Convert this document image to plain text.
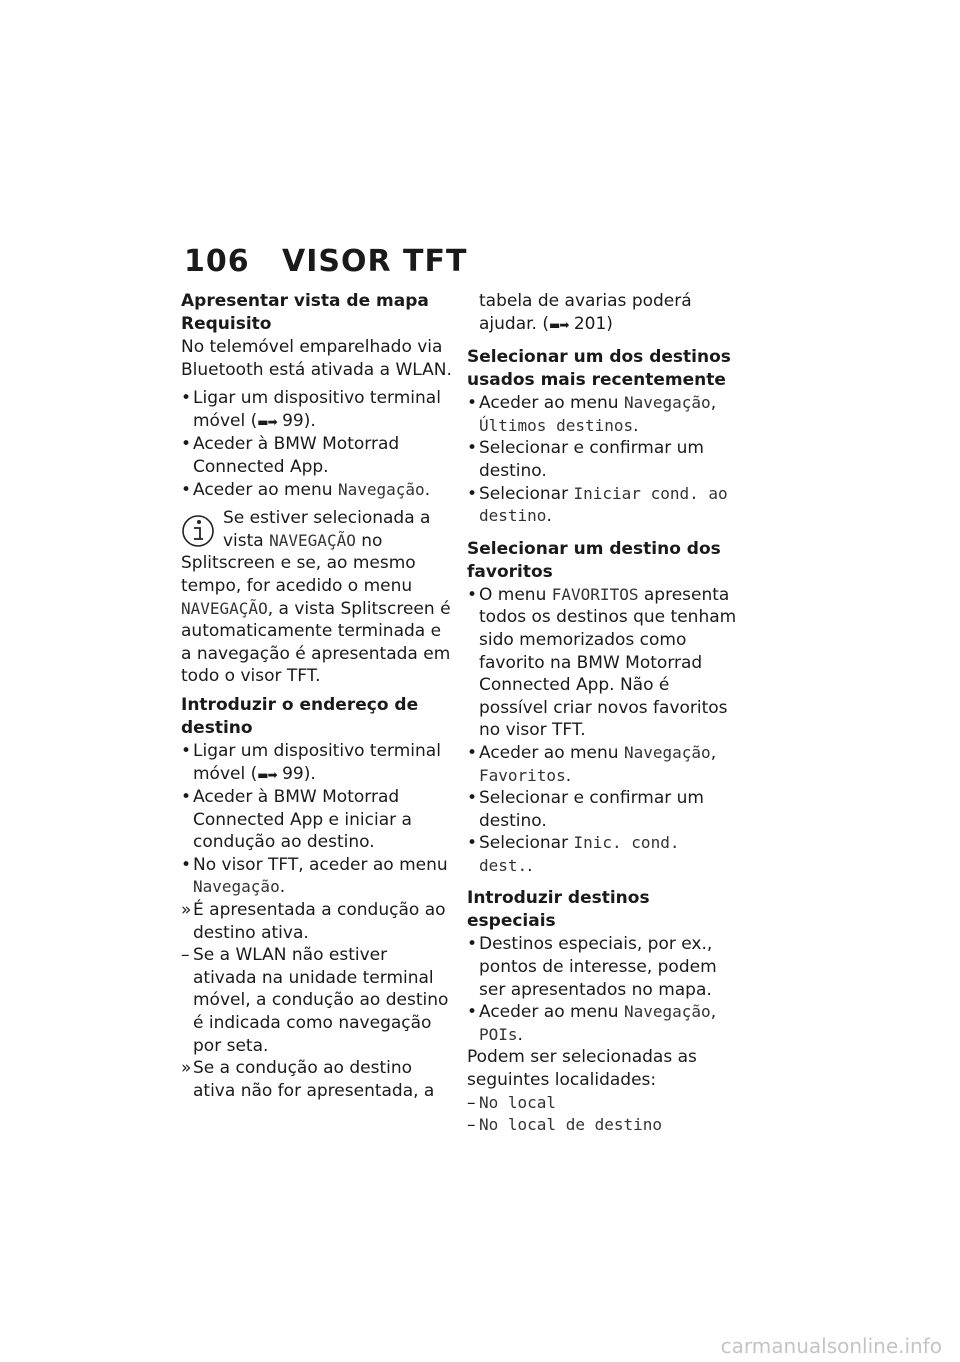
106 VISOR TFT

Apresentar vista de mapa

Requisito

No telemóvel emparelhado via Bluetooth está ativada a WLAN.

• Ligar um dispositivo terminal móvel (▬➡ 99).
• Aceder à BMW Motorrad Connected App.
• Aceder ao menu Navegação.

Se estiver selecionada a vista NAVEGAÇÃO no Splitscreen e se, ao mesmo tempo, for acedido o menu NAVEGAÇÃO, a vista Splitscreen é automaticamente terminada e a navegação é apresentada em todo o visor TFT.

Introduzir o endereço de destino

• Ligar um dispositivo terminal móvel (▬➡ 99).
• Aceder à BMW Motorrad Connected App e iniciar a condução ao destino.
• No visor TFT, aceder ao menu Navegação.
» É apresentada a condução ao destino ativa.
– Se a WLAN não estiver ativada na unidade terminal móvel, a condução ao destino é indicada como navegação por seta.
» Se a condução ao destino ativa não for apresentada, a
tabela de avarias poderá ajudar. (▬➡ 201)

Selecionar um dos destinos usados mais recentemente

• Aceder ao menu Navegação, Últimos destinos.
• Selecionar e confirmar um destino.
• Selecionar Iniciar cond. ao destino.

Selecionar um destino dos favoritos

• O menu FAVORITOS apresenta todos os destinos que tenham sido memorizados como favorito na BMW Motorrad Connected App. Não é possível criar novos favoritos no visor TFT.
• Aceder ao menu Navegação, Favoritos.
• Selecionar e confirmar um destino.
• Selecionar Inic. cond. dest..

Introduzir destinos especiais

• Destinos especiais, por ex., pontos de interesse, podem ser apresentados no mapa.
• Aceder ao menu Navegação, POIs.

Podem ser selecionadas as seguintes localidades:

– No local
– No local de destino
carmanualsonline.info
